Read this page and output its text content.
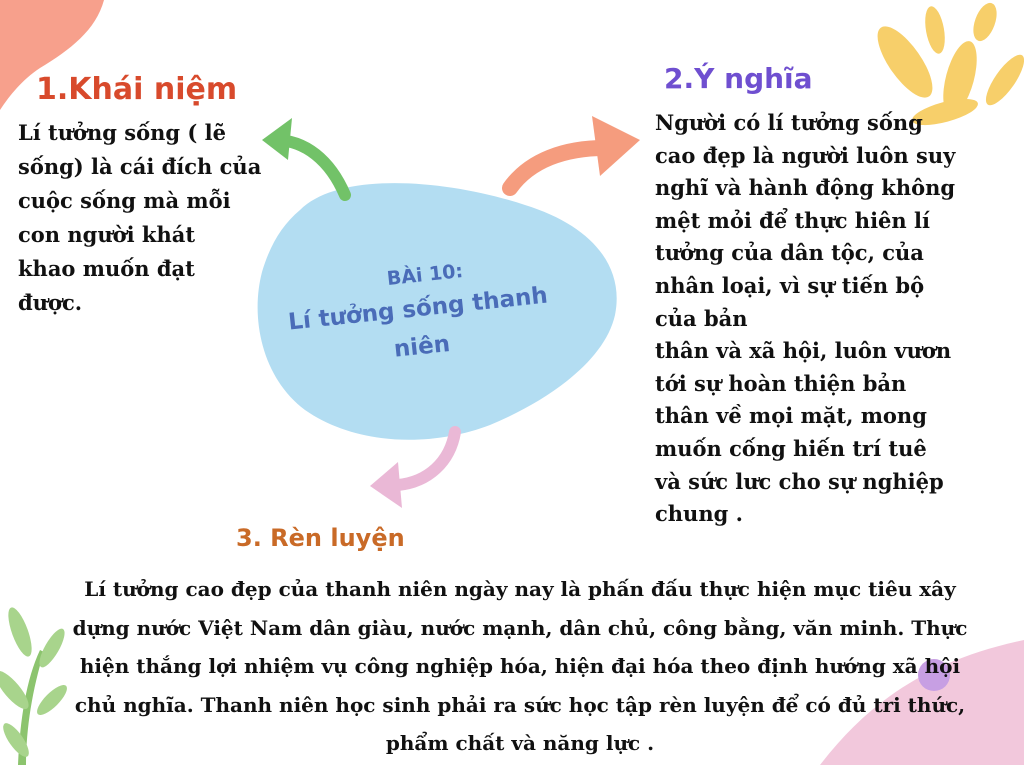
1.Khái niệm

Lí tưởng sống ( lẽ
sống) là cái đích của
cuộc sống mà mỗi
con người khát
khao muốn đạt
được.

2.Ý nghĩa

Người có lí tưởng sống
cao đẹp là người luôn suy
nghĩ và hành động không
mệt mỏi để thực hiên lí
tưởng của dân tộc, của
nhân loại, vì sự tiến bộ
của bản
thân và xã hội, luôn vươn
tới sự hoàn thiện bản
thân về mọi mặt, mong
muốn cống hiến trí tuê
và sức lưc cho sự nghiệp
chung .

BÀi 10:
Lí tưởng sống thanh niên
3. Rèn luyện

Lí tưởng cao đẹp của thanh niên ngày nay là phấn đấu thực hiện mục tiêu xây
dựng nước Việt Nam dân giàu, nước mạnh, dân chủ, công bằng, văn minh. Thực
hiện thắng lợi nhiệm vụ công nghiệp hóa, hiện đại hóa theo định hướng xã hội
chủ nghĩa. Thanh niên học sinh phải ra sức học tập rèn luyện để có đủ tri thức,
phẩm chất và năng lực .
